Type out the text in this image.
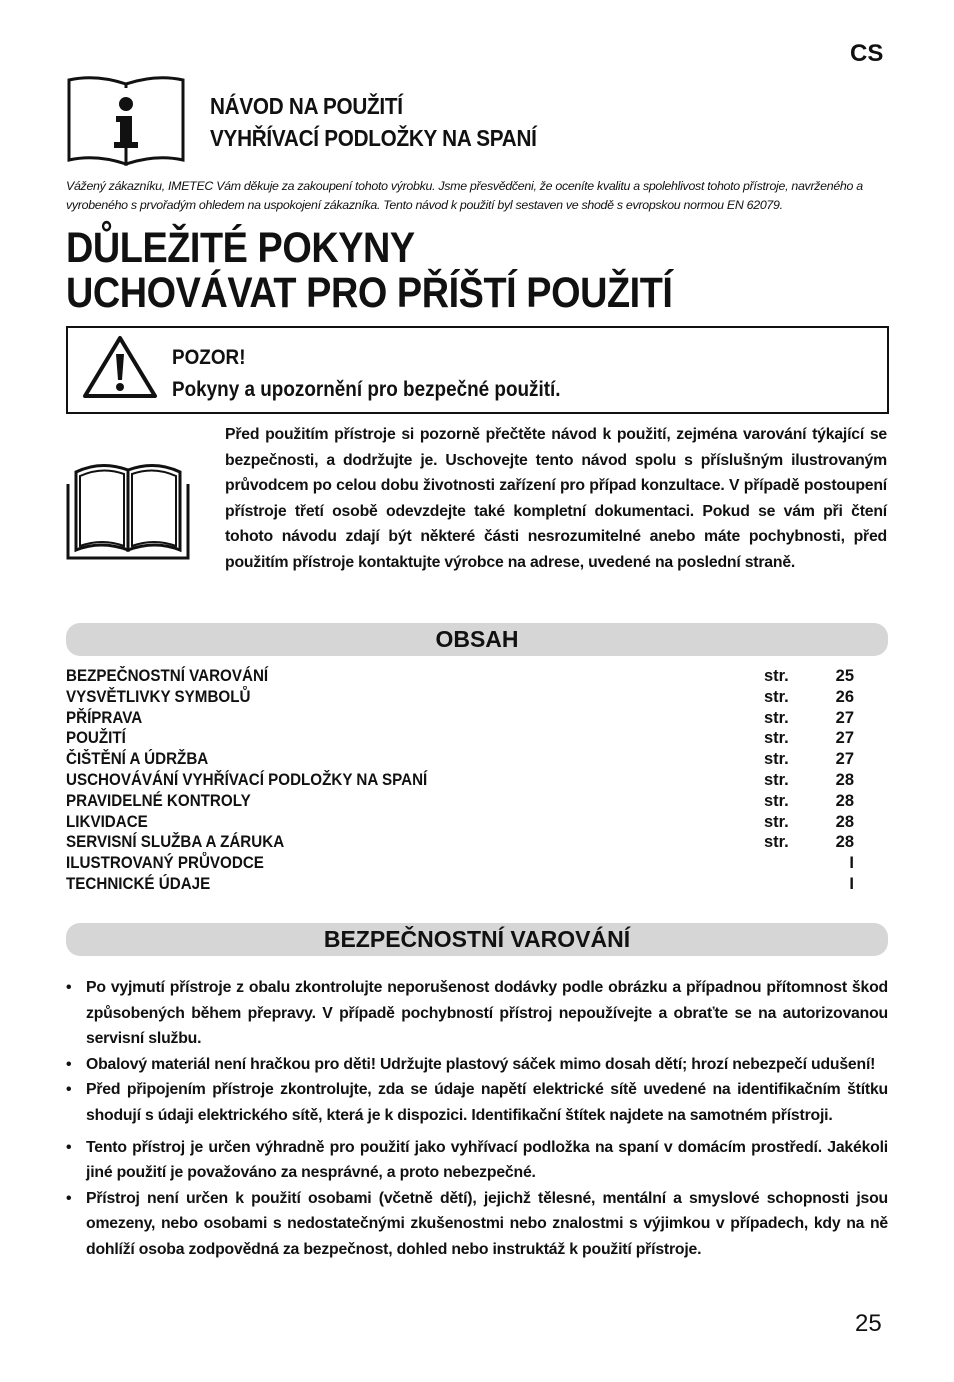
CS
NÁVOD NA POUŽITÍ
VYHŘÍVACÍ PODLOŽKY NA SPANÍ
Vážený zákazníku, IMETEC Vám děkuje za zakoupení tohoto výrobku. Jsme přesvědčeni, že oceníte kvalitu a spolehlivost tohoto přístroje, navrženého a vyrobeného s prvořadým ohledem na uspokojení zákazníka. Tento návod k použití byl sestaven ve shodě s evropskou normou EN 62079.
DŮLEŽITÉ POKYNY
UCHOVÁVAT PRO PŘÍŠTÍ POUŽITÍ
POZOR!
Pokyny a upozornění pro bezpečné použití.
Před použitím přístroje si pozorně přečtěte návod k použití, zejména varování týkající se bezpečnosti, a dodržujte je. Uschovejte tento návod spolu s příslušným ilustrovaným průvodcem po celou dobu životnosti zařízení pro případ konzultace. V případě postoupení přístroje třetí osobě odevzdejte také kompletní dokumentaci. Pokud se vám při čtení tohoto návodu zdají být některé části nesrozumitelné anebo máte pochybnosti, před použitím přístroje kontaktujte výrobce na adrese, uvedené na poslední straně.
OBSAH
BEZPEČNOSTNÍ VAROVÁNÍ	str.	25
VYSVĚTLIVKY SYMBOLŮ	str.	26
PŘÍPRAVA	str.	27
POUŽITÍ	str.	27
ČIŠTĚNÍ A ÚDRŽBA	str.	27
USCHOVÁVÁNÍ VYHŘÍVACÍ PODLOŽKY NA SPANÍ	str.	28
PRAVIDELNÉ KONTROLY	str.	28
LIKVIDACE	str.	28
SERVISNÍ SLUŽBA A ZÁRUKA	str.	28
ILUSTROVANÝ PRŮVODCE	I
TECHNICKÉ ÚDAJE	I
BEZPEČNOSTNÍ VAROVÁNÍ
• Po vyjmutí přístroje z obalu zkontrolujte neporušenost dodávky podle obrázku a případnou přítomnost škod způsobených během přepravy. V případě pochybností přístroj nepoužívejte a obraťte se na autorizovanou servisní službu.
• Obalový materiál není hračkou pro děti! Udržujte plastový sáček mimo dosah dětí; hrozí nebezpečí udušení!
• Před připojením přístroje zkontrolujte, zda se údaje napětí elektrické sítě uvedené na identifikačním štítku shodují s údaji elektrického sítě, která je k dispozici. Identifikační štítek najdete na samotném přístroji.
• Tento přístroj je určen výhradně pro použití jako vyhřívací podložka na spaní v domácím prostředí. Jakékoli jiné použití je považováno za nesprávné, a proto nebezpečné.
• Přístroj není určen k použití osobami (včetně dětí), jejichž tělesné, mentální a smyslové schopnosti jsou omezeny, nebo osobami s nedostatečnými zkušenostmi nebo znalostmi s výjimkou v případech, kdy na ně dohlíží osoba zodpovědná za bezpečnost, dohled nebo instruktáž k použití přístroje.
25
